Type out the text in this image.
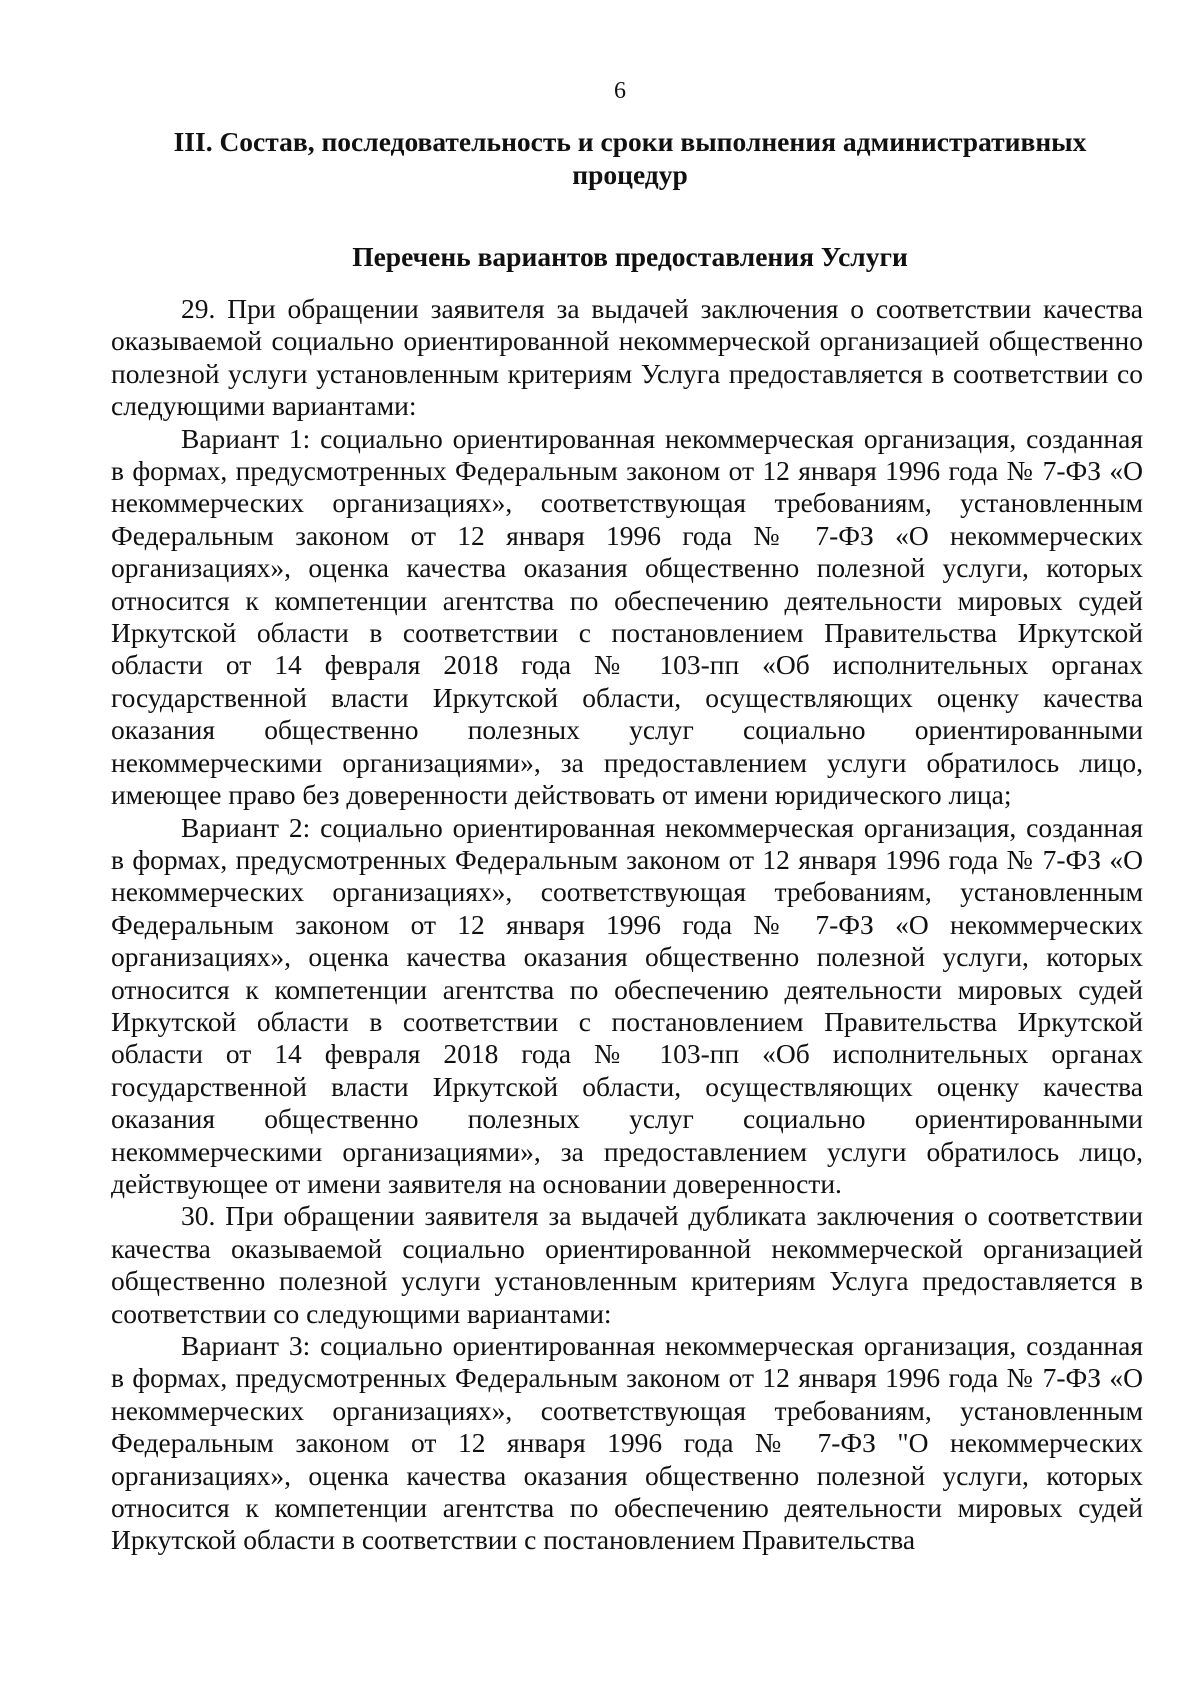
6
III. Состав, последовательность и сроки выполнения административных процедур
Перечень вариантов предоставления Услуги

29. При обращении заявителя за выдачей заключения о соответствии качества оказываемой социально ориентированной некоммерческой организацией общественно полезной услуги установленным критериям Услуга предоставляется в соответствии со следующими вариантами:

Вариант 1: социально ориентированная некоммерческая организация, созданная в формах, предусмотренных Федеральным законом от 12 января 1996 года № 7-ФЗ «О некоммерческих организациях», соответствующая требованиям, установленным Федеральным законом от 12 января 1996 года № 7-ФЗ «О некоммерческих организациях», оценка качества оказания общественно полезной услуги, которых относится к компетенции агентства по обеспечению деятельности мировых судей Иркутской области в соответствии с постановлением Правительства Иркутской области от 14 февраля 2018 года № 103-пп «Об исполнительных органах государственной власти Иркутской области, осуществляющих оценку качества оказания общественно полезных услуг социально ориентированными некоммерческими организациями», за предоставлением услуги обратилось лицо, имеющее право без доверенности действовать от имени юридического лица;

Вариант 2: социально ориентированная некоммерческая организация, созданная в формах, предусмотренных Федеральным законом от 12 января 1996 года № 7-ФЗ «О некоммерческих организациях», соответствующая требованиям, установленным Федеральным законом от 12 января 1996 года № 7-ФЗ «О некоммерческих организациях», оценка качества оказания общественно полезной услуги, которых относится к компетенции агентства по обеспечению деятельности мировых судей Иркутской области в соответствии с постановлением Правительства Иркутской области от 14 февраля 2018 года № 103-пп «Об исполнительных органах государственной власти Иркутской области, осуществляющих оценку качества оказания общественно полезных услуг социально ориентированными некоммерческими организациями», за предоставлением услуги обратилось лицо, действующее от имени заявителя на основании доверенности.

30. При обращении заявителя за выдачей дубликата заключения о соответствии качества оказываемой социально ориентированной некоммерческой организацией общественно полезной услуги установленным критериям Услуга предоставляется в соответствии со следующими вариантами:

Вариант 3: социально ориентированная некоммерческая организация, созданная в формах, предусмотренных Федеральным законом от 12 января 1996 года № 7-ФЗ «О некоммерческих организациях», соответствующая требованиям, установленным Федеральным законом от 12 января 1996 года № 7-ФЗ "О некоммерческих организациях», оценка качества оказания общественно полезной услуги, которых относится к компетенции агентства по обеспечению деятельности мировых судей Иркутской области в соответствии с постановлением Правительства
